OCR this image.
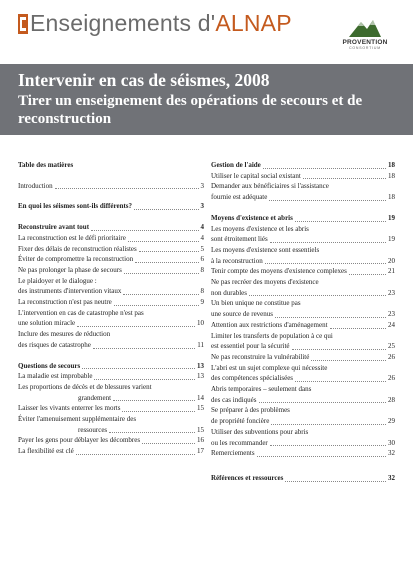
Enseignements d'ALNAP
PROVENTION
CONSORTIUM
Intervenir en cas de séismes, 2008
Tirer un enseignement des opérations de secours et de reconstruction
Table des matières
Introduction	3
En quoi les séismes sont-ils différents?	3
Reconstruire avant tout	4
La reconstruction est le défi prioritaire	4
Fixer des délais de reconstruction réalistes	5
Éviter de compromettre la reconstruction	6
Ne pas prolonger la phase de secours	8
Le plaidoyer et le dialogue :
des instruments d'intervention vitaux	8
La reconstruction n'est pas neutre	9
L'intervention en cas de catastrophe n'est pas
une solution miracle	10
Inclure des mesures de réduction
des risques de catastrophe	11
Questions de secours	13
La maladie est improbable	13
Les proportions de décès et de blessures varient
grandement	14
Laisser les vivants enterrer les morts	15
Éviter l'amenuisement supplémentaire des
ressources	15
Payer les gens pour déblayer les décombres	16
La flexibilité est clé	17
Gestion de l'aide	18
Utiliser le capital social existant	18
Demander aux bénéficiaires si l'assistance
fournie est adéquate	18
Moyens d'existence et abris	19
Les moyens d'existence et les abris
sont étroitement liés	19
Les moyens d'existence sont essentiels
à la reconstruction	20
Tenir compte des moyens d'existence complexes	21
Ne pas recréer des moyens d'existence
non durables	23
Un bien unique ne constitue pas
une source de revenus	23
Attention aux restrictions d'aménagement	24
Limiter les transferts de population à ce qui
est essentiel pour la sécurité	25
Ne pas reconstruire la vulnérabilité	26
L'abri est un sujet complexe qui nécessite
des compétences spécialisées	26
Abris temporaires – seulement dans
des cas indiqués	28
Se préparer à des problèmes
de propriété foncière	29
Utiliser des subventions pour abris
ou les recommander	30
Remerciements	32
Références et ressources	32
